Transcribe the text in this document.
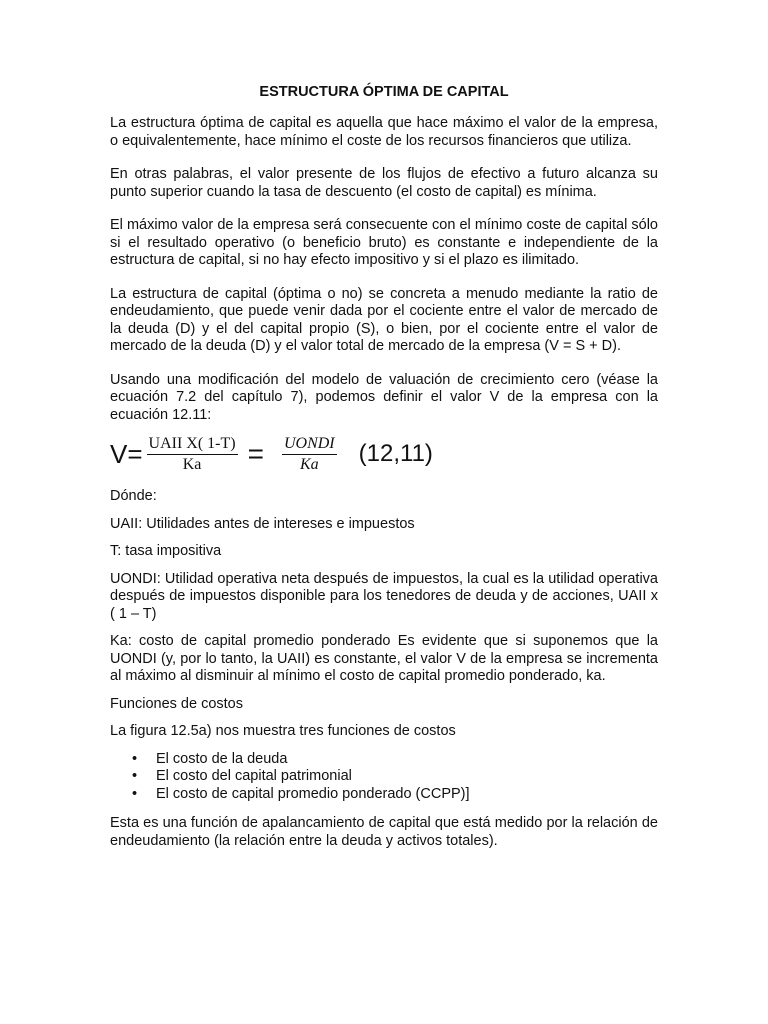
ESTRUCTURA ÓPTIMA DE CAPITAL

La estructura óptima de capital es aquella que hace máximo el valor de la empresa, o equivalentemente, hace mínimo el coste de los recursos financieros que utiliza.

En otras palabras, el valor presente de los flujos de efectivo a futuro alcanza su punto superior cuando la tasa de descuento (el costo de capital) es mínima.

El máximo valor de la empresa será consecuente con el mínimo coste de capital sólo si el resultado operativo (o beneficio bruto) es constante e independiente de la estructura de capital, si no hay efecto impositivo y si el plazo es ilimitado.

La estructura de capital (óptima o no) se concreta a menudo mediante la ratio de endeudamiento, que puede venir dada por el cociente entre el valor de mercado de la deuda (D) y el del capital propio (S), o bien, por el cociente entre el valor de mercado de la deuda (D) y el valor total de mercado de la empresa (V = S + D).

Usando una modificación del modelo de valuación de crecimiento cero (véase la ecuación 7.2 del capítulo 7), podemos definir el valor V de la empresa con la ecuación 12.11:

$V= \frac{\text{UAII X( 1-T)}}{Ka} = \frac{\text{UONDI}}{Ka} (12,11)$

Dónde:

UAII: Utilidades antes de intereses e impuestos

T: tasa impositiva

UONDI: Utilidad operativa neta después de impuestos, la cual es la utilidad operativa después de impuestos disponible para los tenedores de deuda y de acciones, UAII x ( 1 – T)

Ka: costo de capital promedio ponderado Es evidente que si suponemos que la UONDI (y, por lo tanto, la UAII) es constante, el valor V de la empresa se incrementa al máximo al disminuir al mínimo el costo de capital promedio ponderado, ka.

Funciones de costos

La figura 12.5a) nos muestra tres funciones de costos

• El costo de la deuda
• El costo del capital patrimonial
• El costo de capital promedio ponderado (CCPP)]

Esta es una función de apalancamiento de capital que está medido por la relación de endeudamiento (la relación entre la deuda y activos totales).
